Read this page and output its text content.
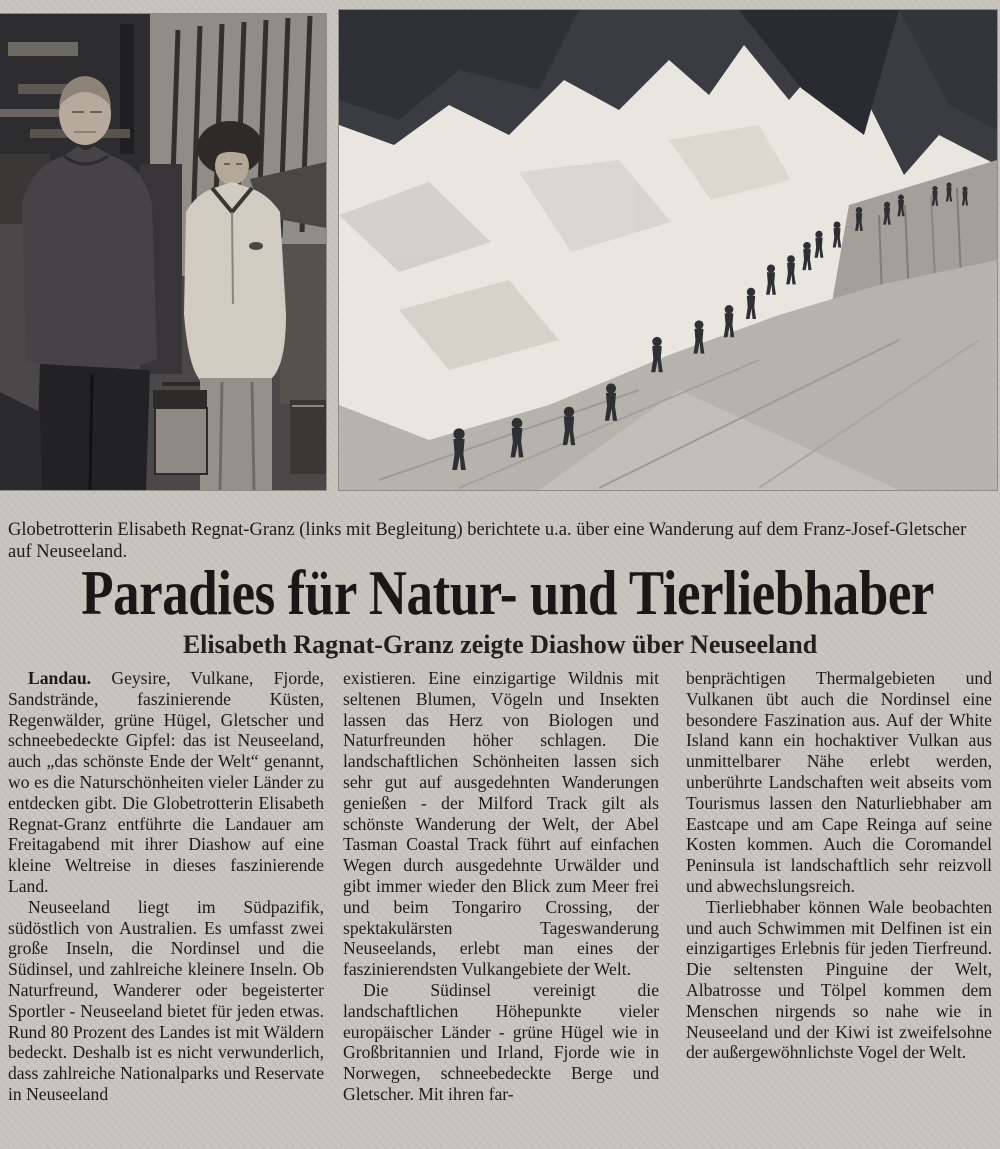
Globetrotterin Elisabeth Regnat-Granz (links mit Begleitung) berichtete u.a. über eine Wanderung auf dem Franz-Josef-Gletscher auf Neuseeland.

Paradies für Natur- und Tierliebhaber
Elisabeth Ragnat-Granz zeigte Diashow über Neuseeland

Landau. Geysire, Vulkane, Fjorde, Sandstrände, faszinierende Küsten, Regenwälder, grüne Hügel, Gletscher und schneebedeckte Gipfel: das ist Neuseeland, auch „das schönste Ende der Welt“ genannt, wo es die Naturschönheiten vieler Länder zu entdecken gibt. Die Globetrotterin Elisabeth Regnat-Granz entführte die Landauer am Freitagabend mit ihrer Diashow auf eine kleine Weltreise in dieses faszinierende Land.

Neuseeland liegt im Südpazifik, südöstlich von Australien. Es umfasst zwei große Inseln, die Nordinsel und die Südinsel, und zahlreiche kleinere Inseln. Ob Naturfreund, Wanderer oder begeisterter Sportler - Neuseeland bietet für jeden etwas. Rund 80 Prozent des Landes ist mit Wäldern bedeckt. Deshalb ist es nicht verwunderlich, dass zahlreiche Nationalparks und Reservate in Neuseeland

existieren. Eine einzigartige Wildnis mit seltenen Blumen, Vögeln und Insekten lassen das Herz von Biologen und Naturfreunden höher schlagen. Die landschaftlichen Schönheiten lassen sich sehr gut auf ausgedehnten Wanderungen genießen - der Milford Track gilt als schönste Wanderung der Welt, der Abel Tasman Coastal Track führt auf einfachen Wegen durch ausgedehnte Urwälder und gibt immer wieder den Blick zum Meer frei und beim Tongariro Crossing, der spektakulärsten Tageswanderung Neuseelands, erlebt man eines der faszinierendsten Vulkangebiete der Welt.

Die Südinsel vereinigt die landschaftlichen Höhepunkte vieler europäischer Länder - grüne Hügel wie in Großbritannien und Irland, Fjorde wie in Norwegen, schneebedeckte Berge und Gletscher. Mit ihren far-

benprächtigen Thermalgebieten und Vulkanen übt auch die Nordinsel eine besondere Faszination aus. Auf der White Island kann ein hochaktiver Vulkan aus unmittelbarer Nähe erlebt werden, unberührte Landschaften weit abseits vom Tourismus lassen den Naturliebhaber am Eastcape und am Cape Reinga auf seine Kosten kommen. Auch die Coromandel Peninsula ist landschaftlich sehr reizvoll und abwechslungsreich.

Tierliebhaber können Wale beobachten und auch Schwimmen mit Delfinen ist ein einzigartiges Erlebnis für jeden Tierfreund. Die seltensten Pinguine der Welt, Albatrosse und Tölpel kommen dem Menschen nirgends so nahe wie in Neuseeland und der Kiwi ist zweifelsohne der außergewöhnlichste Vogel der Welt.
